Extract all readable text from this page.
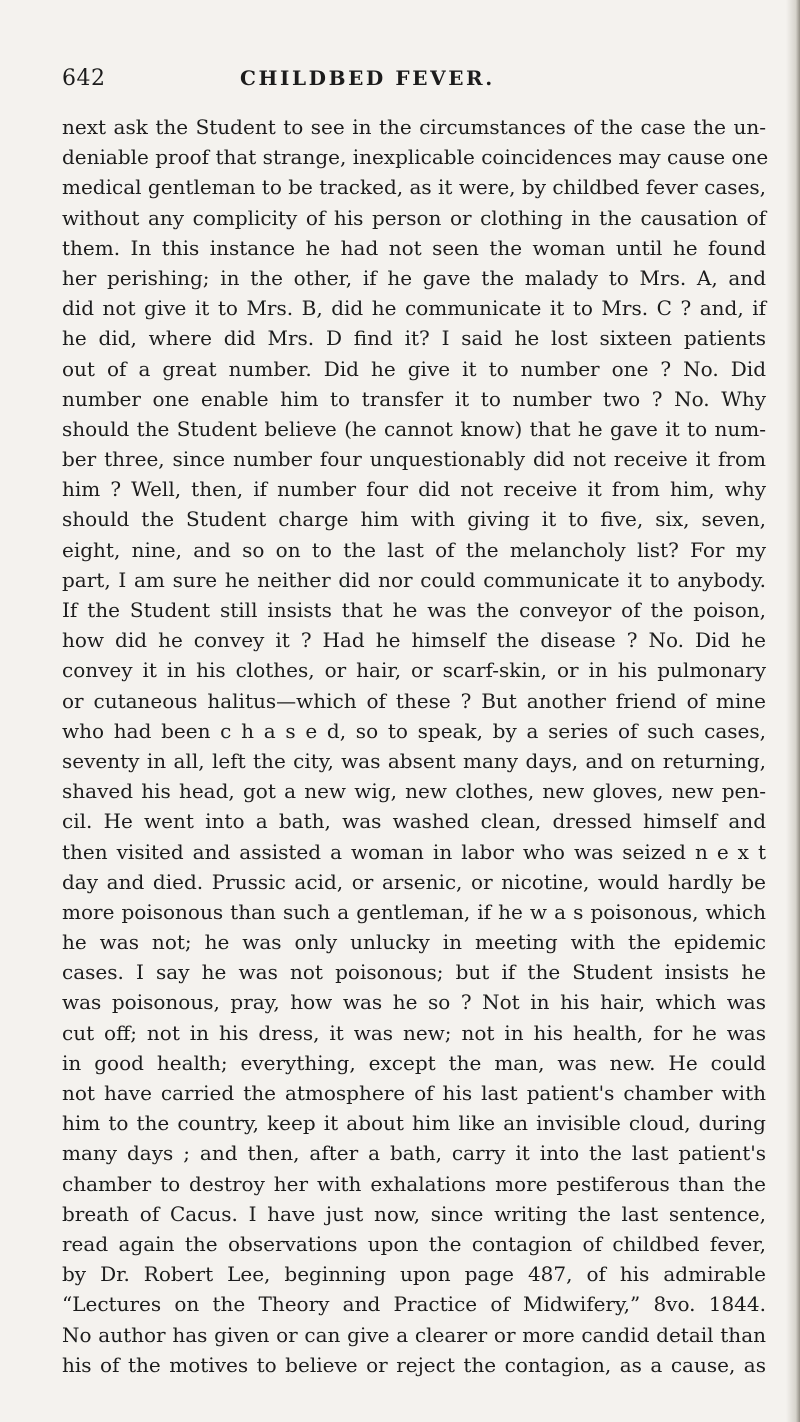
642	CHILDBED FEVER.
next ask the Student to see in the circumstances of the case the un-
deniable proof that strange, inexplicable coincidences may cause one
medical gentleman to be tracked, as it were, by childbed fever cases,
without any complicity of his person or clothing in the causation of
them. In this instance he had not seen the woman until he found
her perishing; in the other, if he gave the malady to Mrs. A, and
did not give it to Mrs. B, did he communicate it to Mrs. C ? and, if
he did, where did Mrs. D find it? I said he lost sixteen patients
out of a great number. Did he give it to number one ? No. Did
number one enable him to transfer it to number two ? No. Why
should the Student believe (he cannot know) that he gave it to num-
ber three, since number four unquestionably did not receive it from
him ? Well, then, if number four did not receive it from him, why
should the Student charge him with giving it to five, six, seven,
eight, nine, and so on to the last of the melancholy list? For my
part, I am sure he neither did nor could communicate it to anybody.
If the Student still insists that he was the conveyor of the poison,
how did he convey it ? Had he himself the disease ? No. Did he
convey it in his clothes, or hair, or scarf-skin, or in his pulmonary
or cutaneous halitus—which of these ? But another friend of mine
who had been c h a s e d, so to speak, by a series of such cases,
seventy in all, left the city, was absent many days, and on returning,
shaved his head, got a new wig, new clothes, new gloves, new pen-
cil. He went into a bath, was washed clean, dressed himself and
then visited and assisted a woman in labor who was seized n e x t
day and died. Prussic acid, or arsenic, or nicotine, would hardly be
more poisonous than such a gentleman, if he w a s poisonous, which
he was not; he was only unlucky in meeting with the epidemic
cases. I say he was not poisonous; but if the Student insists he
was poisonous, pray, how was he so ? Not in his hair, which was
cut off; not in his dress, it was new; not in his health, for he was
in good health; everything, except the man, was new. He could
not have carried the atmosphere of his last patient's chamber with
him to the country, keep it about him like an invisible cloud, during
many days ; and then, after a bath, carry it into the last patient's
chamber to destroy her with exhalations more pestiferous than the
breath of Cacus. I have just now, since writing the last sentence,
read again the observations upon the contagion of childbed fever,
by Dr. Robert Lee, beginning upon page 487, of his admirable
“Lectures on the Theory and Practice of Midwifery,” 8vo. 1844.
No author has given or can give a clearer or more candid detail than
his of the motives to believe or reject the contagion, as a cause, as
